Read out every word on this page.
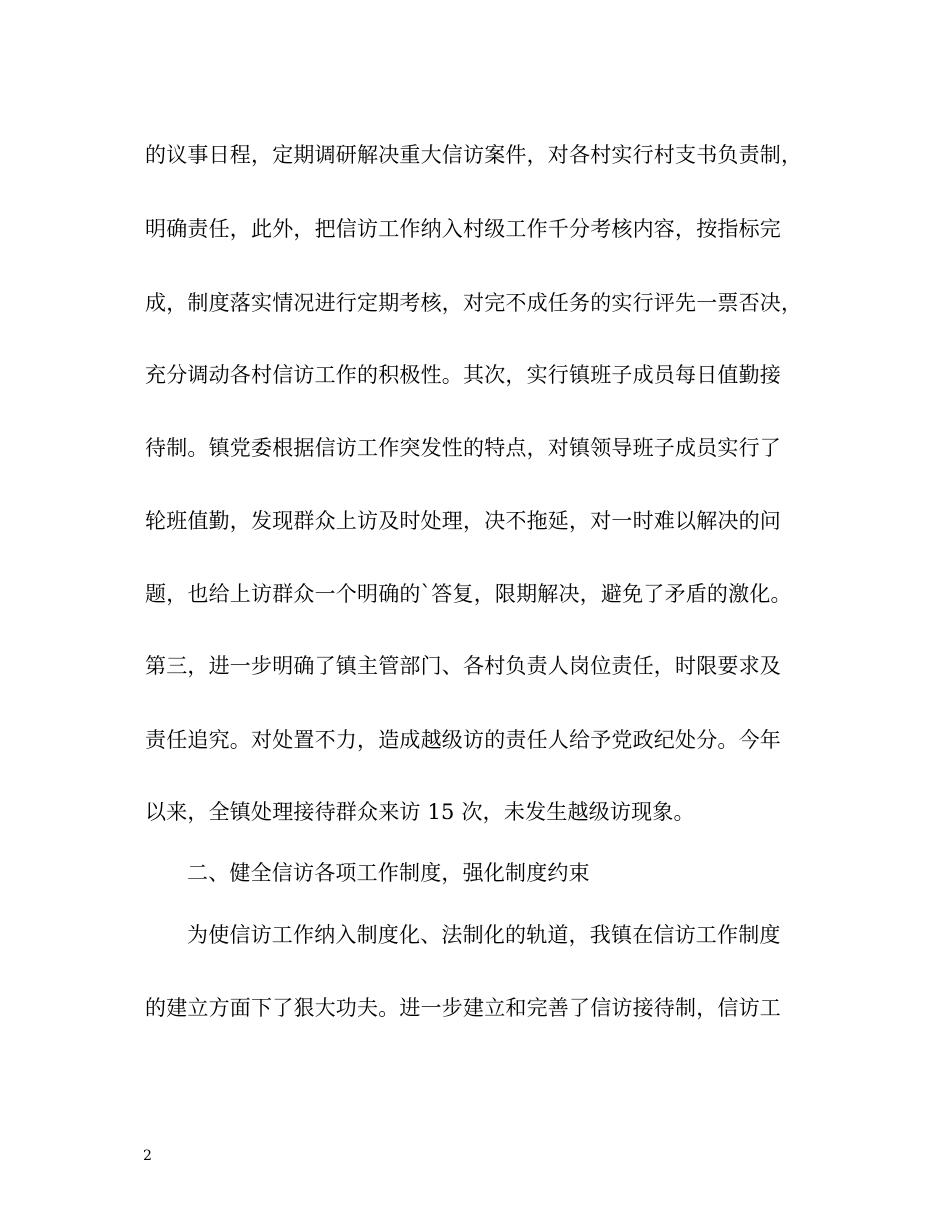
的议事日程，定期调研解决重大信访案件，对各村实行村支书负责制，
明确责任，此外，把信访工作纳入村级工作千分考核内容，按指标完
成，制度落实情况进行定期考核，对完不成任务的实行评先一票否决，
充分调动各村信访工作的积极性。其次，实行镇班子成员每日值勤接
待制。镇党委根据信访工作突发性的特点，对镇领导班子成员实行了
轮班值勤，发现群众上访及时处理，决不拖延，对一时难以解决的问
题，也给上访群众一个明确的`答复，限期解决，避免了矛盾的激化。
第三，进一步明确了镇主管部门、各村负责人岗位责任，时限要求及
责任追究。对处置不力，造成越级访的责任人给予党政纪处分。今年
以来，全镇处理接待群众来访 15 次，未发生越级访现象。
二、健全信访各项工作制度，强化制度约束
为使信访工作纳入制度化、法制化的轨道，我镇在信访工作制度
的建立方面下了狠大功夫。进一步建立和完善了信访接待制，信访工
2
